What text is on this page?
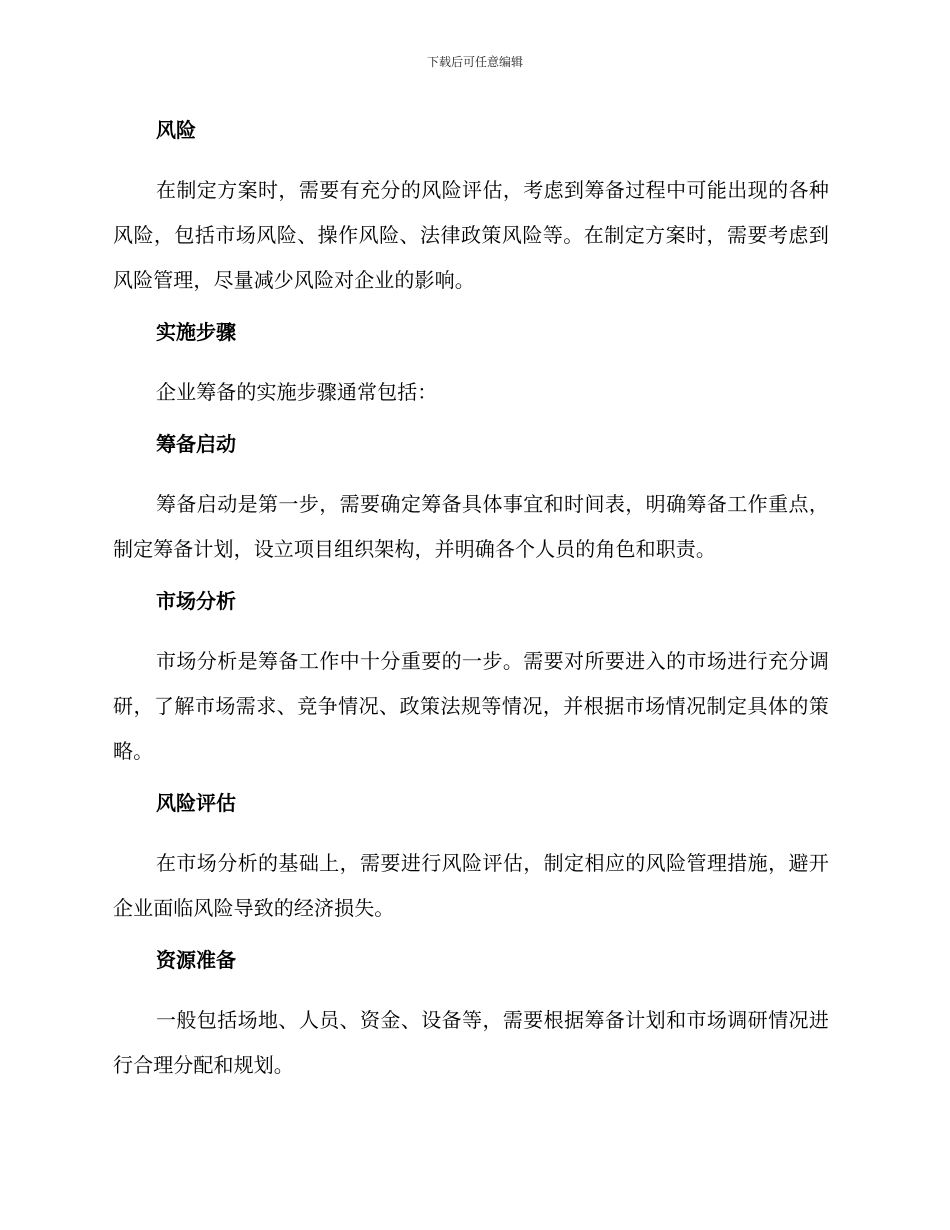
下载后可任意编辑
风险

在制定方案时，需要有充分的风险评估，考虑到筹备过程中可能出现的各种风险，包括市场风险、操作风险、法律政策风险等。在制定方案时，需要考虑到风险管理，尽量减少风险对企业的影响。

实施步骤

企业筹备的实施步骤通常包括：

筹备启动

筹备启动是第一步，需要确定筹备具体事宜和时间表，明确筹备工作重点，制定筹备计划，设立项目组织架构，并明确各个人员的角色和职责。

市场分析

市场分析是筹备工作中十分重要的一步。需要对所要进入的市场进行充分调研，了解市场需求、竞争情况、政策法规等情况，并根据市场情况制定具体的策略。

风险评估

在市场分析的基础上，需要进行风险评估，制定相应的风险管理措施，避开企业面临风险导致的经济损失。

资源准备

一般包括场地、人员、资金、设备等，需要根据筹备计划和市场调研情况进行合理分配和规划。
